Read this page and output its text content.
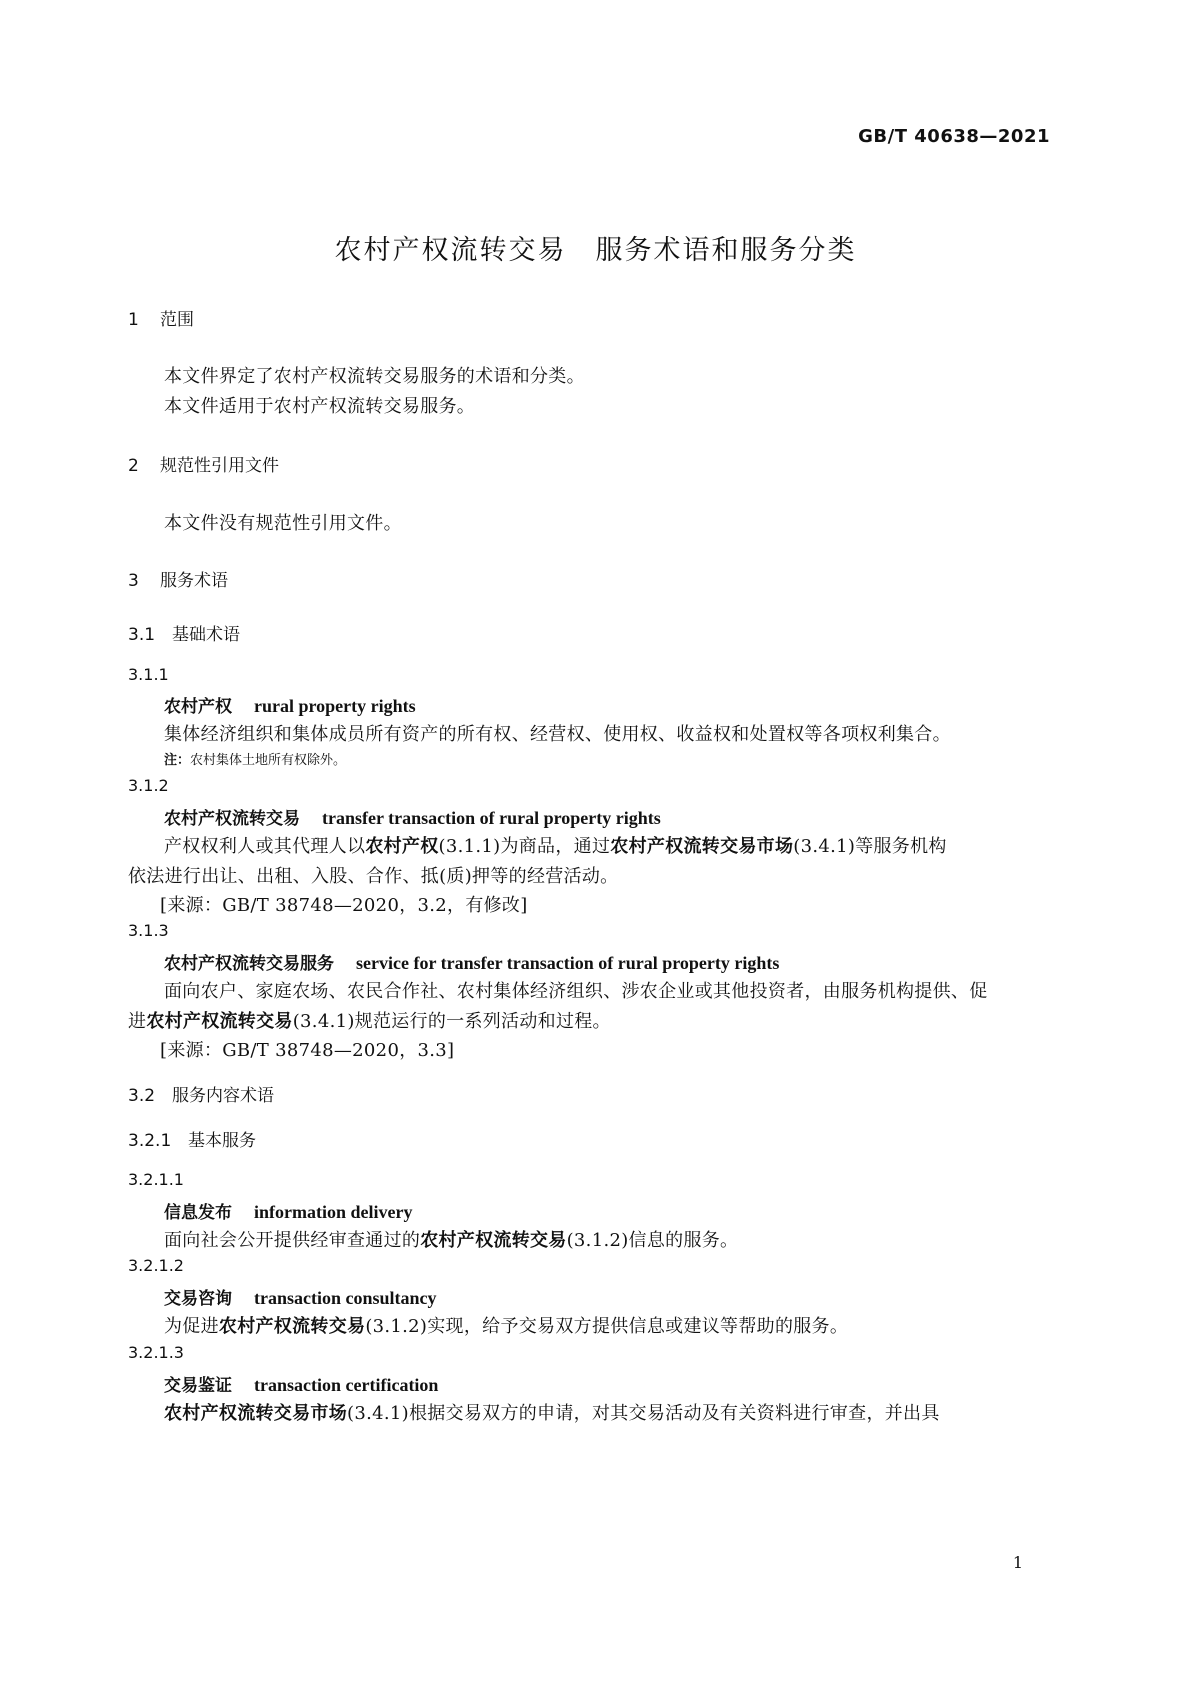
GB/T 40638—2021
农村产权流转交易　服务术语和服务分类
1 范围
本文件界定了农村产权流转交易服务的术语和分类。
本文件适用于农村产权流转交易服务。
2 规范性引用文件
本文件没有规范性引用文件。
3 服务术语
3.1 基础术语
3.1.1
农村产权 rural property rights
集体经济组织和集体成员所有资产的所有权、经营权、使用权、收益权和处置权等各项权利集合。
注：农村集体土地所有权除外。
3.1.2
农村产权流转交易 transfer transaction of rural property rights
产权权利人或其代理人以农村产权(3.1.1)为商品，通过农村产权流转交易市场(3.4.1)等服务机构
依法进行出让、出租、入股、合作、抵(质)押等的经营活动。
[来源：GB/T 38748—2020，3.2，有修改]
3.1.3
农村产权流转交易服务 service for transfer transaction of rural property rights
面向农户、家庭农场、农民合作社、农村集体经济组织、涉农企业或其他投资者，由服务机构提供、促
进农村产权流转交易(3.4.1)规范运行的一系列活动和过程。
[来源：GB/T 38748—2020，3.3]
3.2 服务内容术语
3.2.1 基本服务
3.2.1.1
信息发布 information delivery
面向社会公开提供经审查通过的农村产权流转交易(3.1.2)信息的服务。
3.2.1.2
交易咨询 transaction consultancy
为促进农村产权流转交易(3.1.2)实现，给予交易双方提供信息或建议等帮助的服务。
3.2.1.3
交易鉴证 transaction certification
农村产权流转交易市场(3.4.1)根据交易双方的申请，对其交易活动及有关资料进行审查，并出具
1
